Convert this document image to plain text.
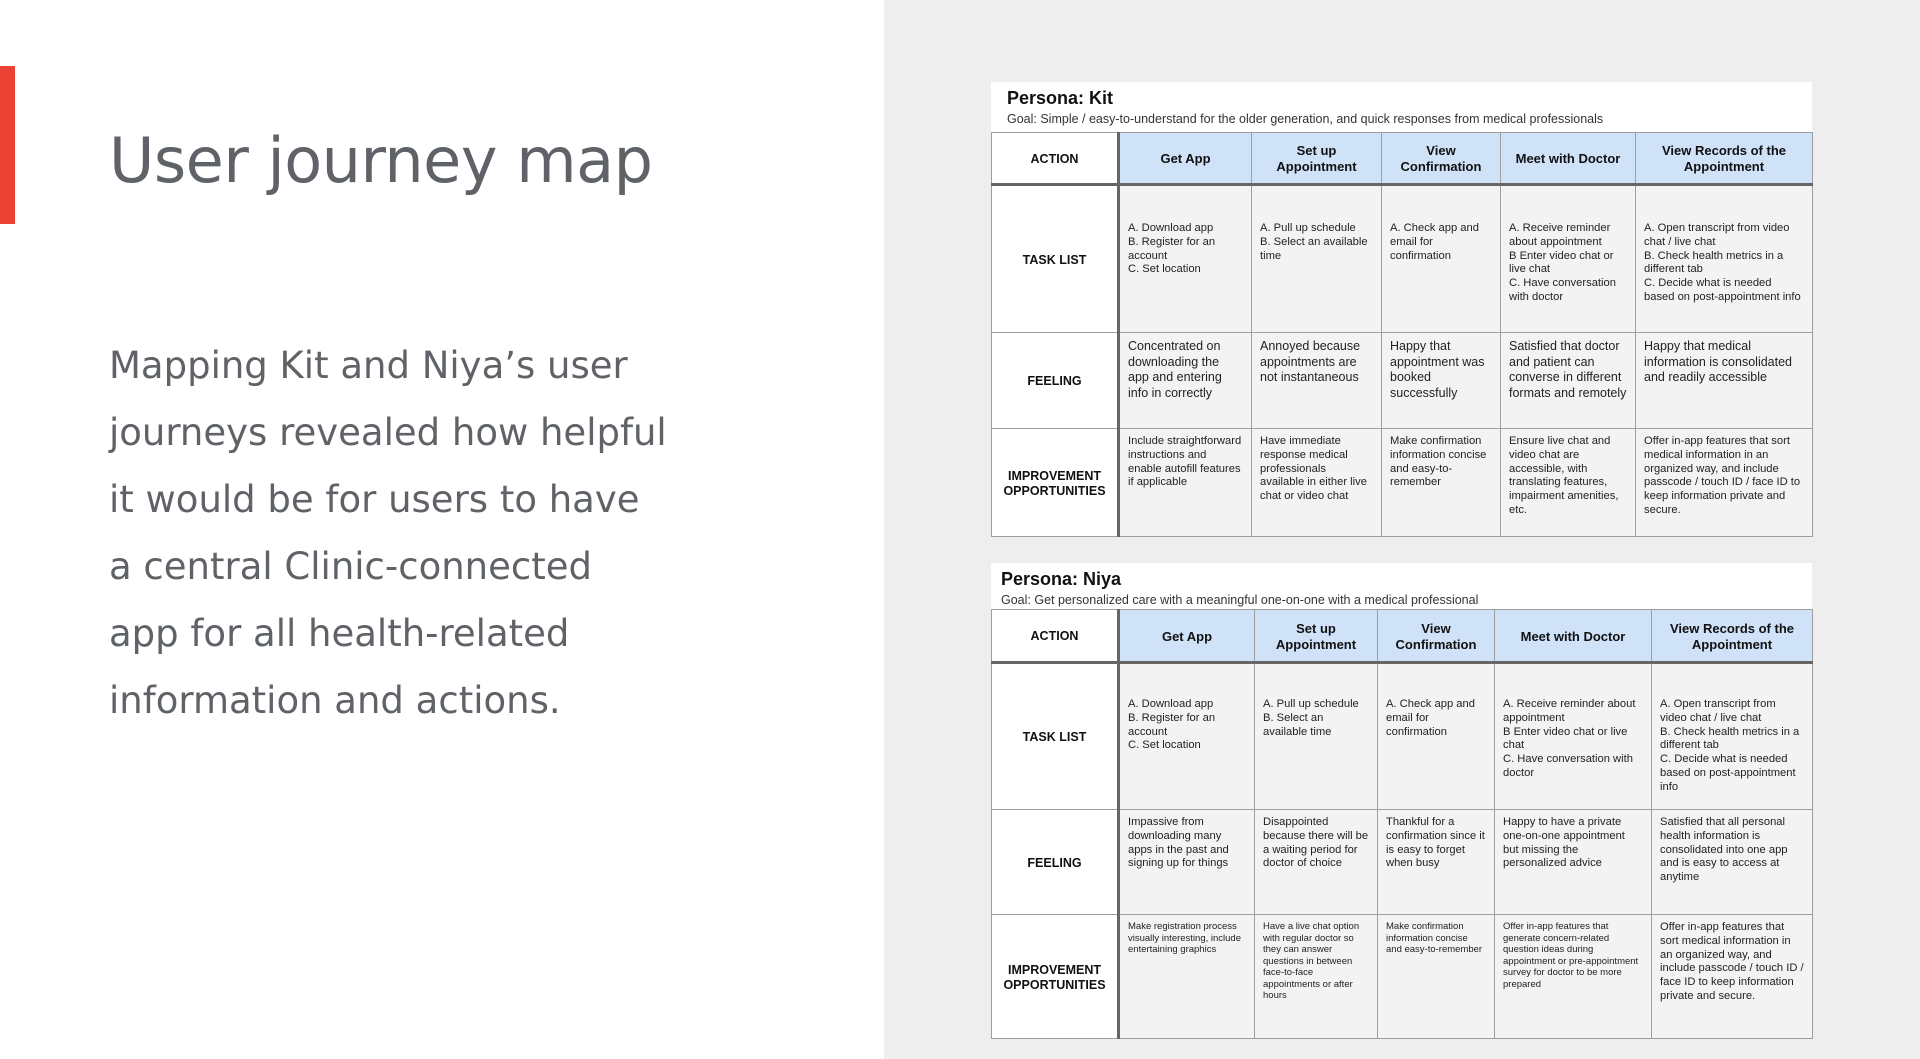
User journey map

Mapping Kit and Niya’s user journeys revealed how helpful it would be for users to have a central Clinic-connected app for all health-related information and actions.

Persona: Kit
Goal: Simple / easy-to-understand for the older generation, and quick responses from medical professionals
ACTION	Get App	Set up Appointment	View Confirmation	Meet with Doctor	View Records of the Appointment
TASK LIST	A. Download app
B. Register for an account
C. Set location	A. Pull up schedule
B. Select an available time	A. Check app and email for confirmation	A. Receive reminder about appointment
B Enter video chat or live chat
C. Have conversation with doctor	A. Open transcript from video chat / live chat
B. Check health metrics in a different tab
C. Decide what is needed based on post-appointment info
FEELING	Concentrated on downloading the app and entering info in correctly	Annoyed because appointments are not instantaneous	Happy that appointment was booked successfully	Satisfied that doctor and patient can converse in different formats and remotely	Happy that medical information is consolidated and readily accessible
IMPROVEMENT OPPORTUNITIES	Include straightforward instructions and enable autofill features if applicable	Have immediate response medical professionals available in either live chat or video chat	Make confirmation information concise and easy-to-remember	Ensure live chat and video chat are accessible, with translating features, impairment amenities, etc.	Offer in-app features that sort medical information in an organized way, and include passcode / touch ID / face ID to keep information private and secure.
Persona: Niya
Goal: Get personalized care with a meaningful one-on-one with a medical professional
ACTION	Get App	Set up Appointment	View Confirmation	Meet with Doctor	View Records of the Appointment
TASK LIST	A. Download app
B. Register for an account
C. Set location	A. Pull up schedule
B. Select an available time	A. Check app and email for confirmation	A. Receive reminder about appointment
B Enter video chat or live chat
C. Have conversation with doctor	A. Open transcript from video chat / live chat
B. Check health metrics in a different tab
C. Decide what is needed based on post-appointment info
FEELING	Impassive from downloading many apps in the past and signing up for things	Disappointed because there will be a waiting period for doctor of choice	Thankful for a confirmation since it is easy to forget when busy	Happy to have a private one-on-one appointment but missing the personalized advice	Satisfied that all personal health information is consolidated into one app and is easy to access at anytime
IMPROVEMENT OPPORTUNITIES	Make registration process visually interesting, include entertaining graphics	Have a live chat option with regular doctor so they can answer questions in between face-to-face appointments or after hours	Make confirmation information concise and easy-to-remember	Offer in-app features that generate concern-related question ideas during appointment or pre-appointment survey for doctor to be more prepared	Offer in-app features that sort medical information in an organized way, and include passcode / touch ID / face ID to keep information private and secure.
